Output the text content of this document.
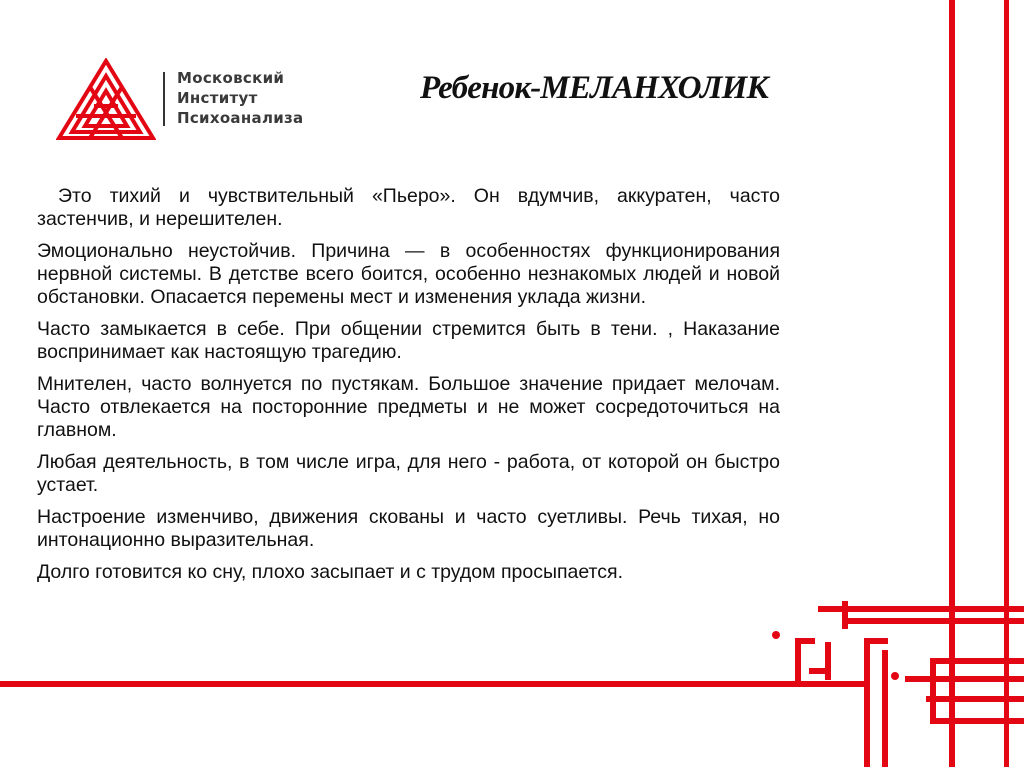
Московский
Институт
Психоанализа
Ребенок-МЕЛАНХОЛИК

Это тихий и чувствительный «Пьеро». Он вдумчив, аккуратен, часто застенчив, и нерешителен.

Эмоционально неустойчив. Причина — в особенностях функционирования нервной системы. В детстве всего боится, особенно незнакомых людей и новой обстановки. Опасается перемены мест и изменения уклада жизни.

Часто замыкается в себе. При общении стремится быть в тени. , Наказание воспринимает как настоящую трагедию.

Мнителен, часто волнуется по пустякам. Большое значение придает мелочам. Часто отвлекается на посторонние предметы и не может сосредоточиться на главном.

Любая деятельность, в том числе игра, для него - работа, от которой он быстро устает.

Настроение изменчиво, движения скованы и часто суетливы. Речь тихая, но интонационно выразительная.

Долго готовится ко сну, плохо засыпает и с трудом просыпается.
